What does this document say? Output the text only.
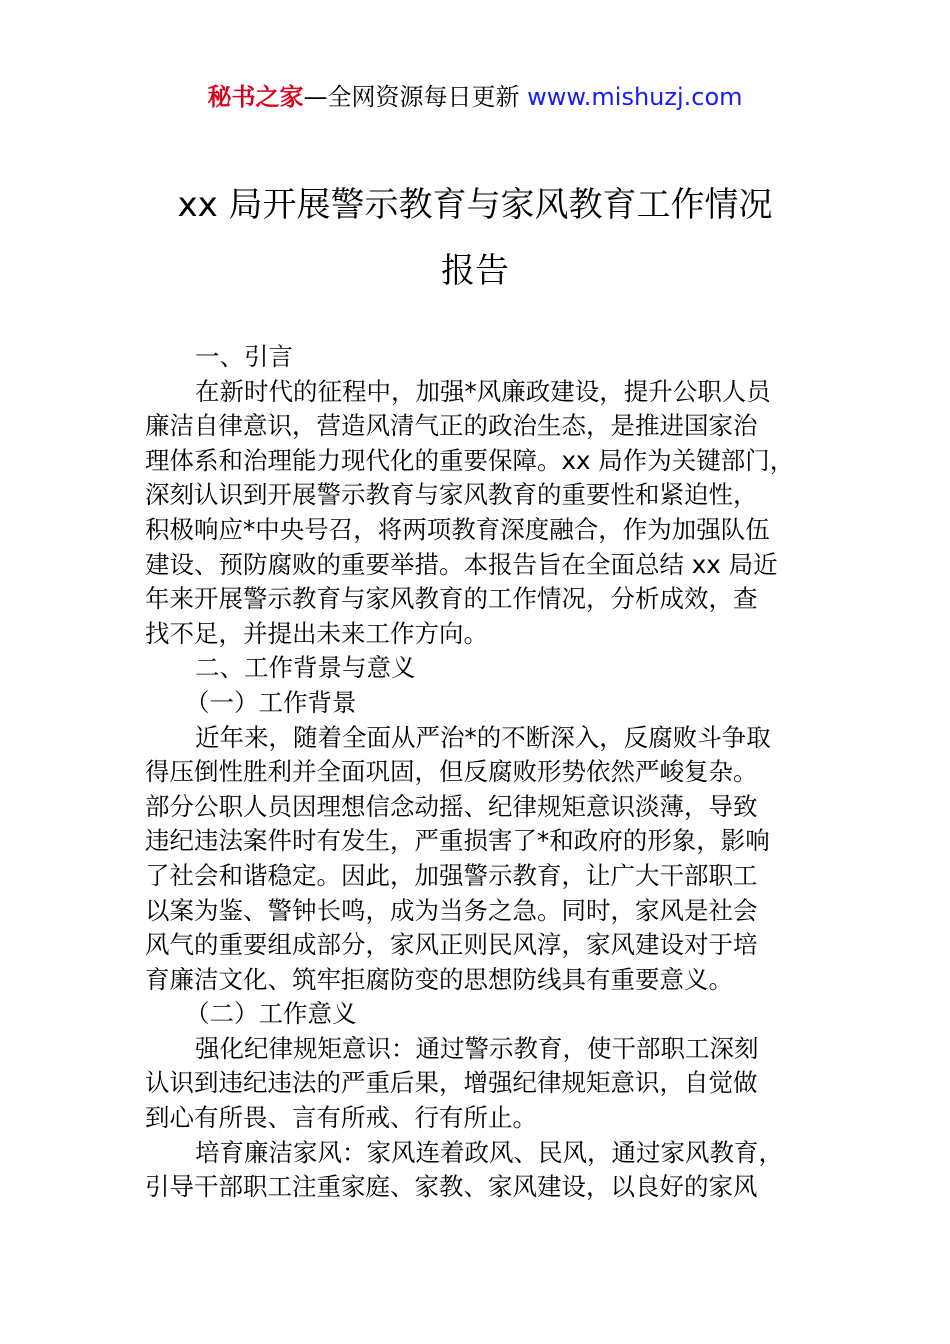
秘书之家—全网资源每日更新 www.mishuzj.com
xx 局开展警示教育与家风教育工作情况
报告
一、引言
在新时代的征程中，加强*风廉政建设，提升公职人员
廉洁自律意识，营造风清气正的政治生态，是推进国家治
理体系和治理能力现代化的重要保障。xx 局作为关键部门，
深刻认识到开展警示教育与家风教育的重要性和紧迫性，
积极响应*中央号召，将两项教育深度融合，作为加强队伍
建设、预防腐败的重要举措。本报告旨在全面总结 xx 局近
年来开展警示教育与家风教育的工作情况，分析成效，查
找不足，并提出未来工作方向。
二、工作背景与意义
（一）工作背景
近年来，随着全面从严治*的不断深入，反腐败斗争取
得压倒性胜利并全面巩固，但反腐败形势依然严峻复杂。
部分公职人员因理想信念动摇、纪律规矩意识淡薄，导致
违纪违法案件时有发生，严重损害了*和政府的形象，影响
了社会和谐稳定。因此，加强警示教育，让广大干部职工
以案为鉴、警钟长鸣，成为当务之急。同时，家风是社会
风气的重要组成部分，家风正则民风淳，家风建设对于培
育廉洁文化、筑牢拒腐防变的思想防线具有重要意义。
（二）工作意义
强化纪律规矩意识：通过警示教育，使干部职工深刻
认识到违纪违法的严重后果，增强纪律规矩意识，自觉做
到心有所畏、言有所戒、行有所止。
培育廉洁家风：家风连着政风、民风，通过家风教育，
引导干部职工注重家庭、家教、家风建设，以良好的家风
